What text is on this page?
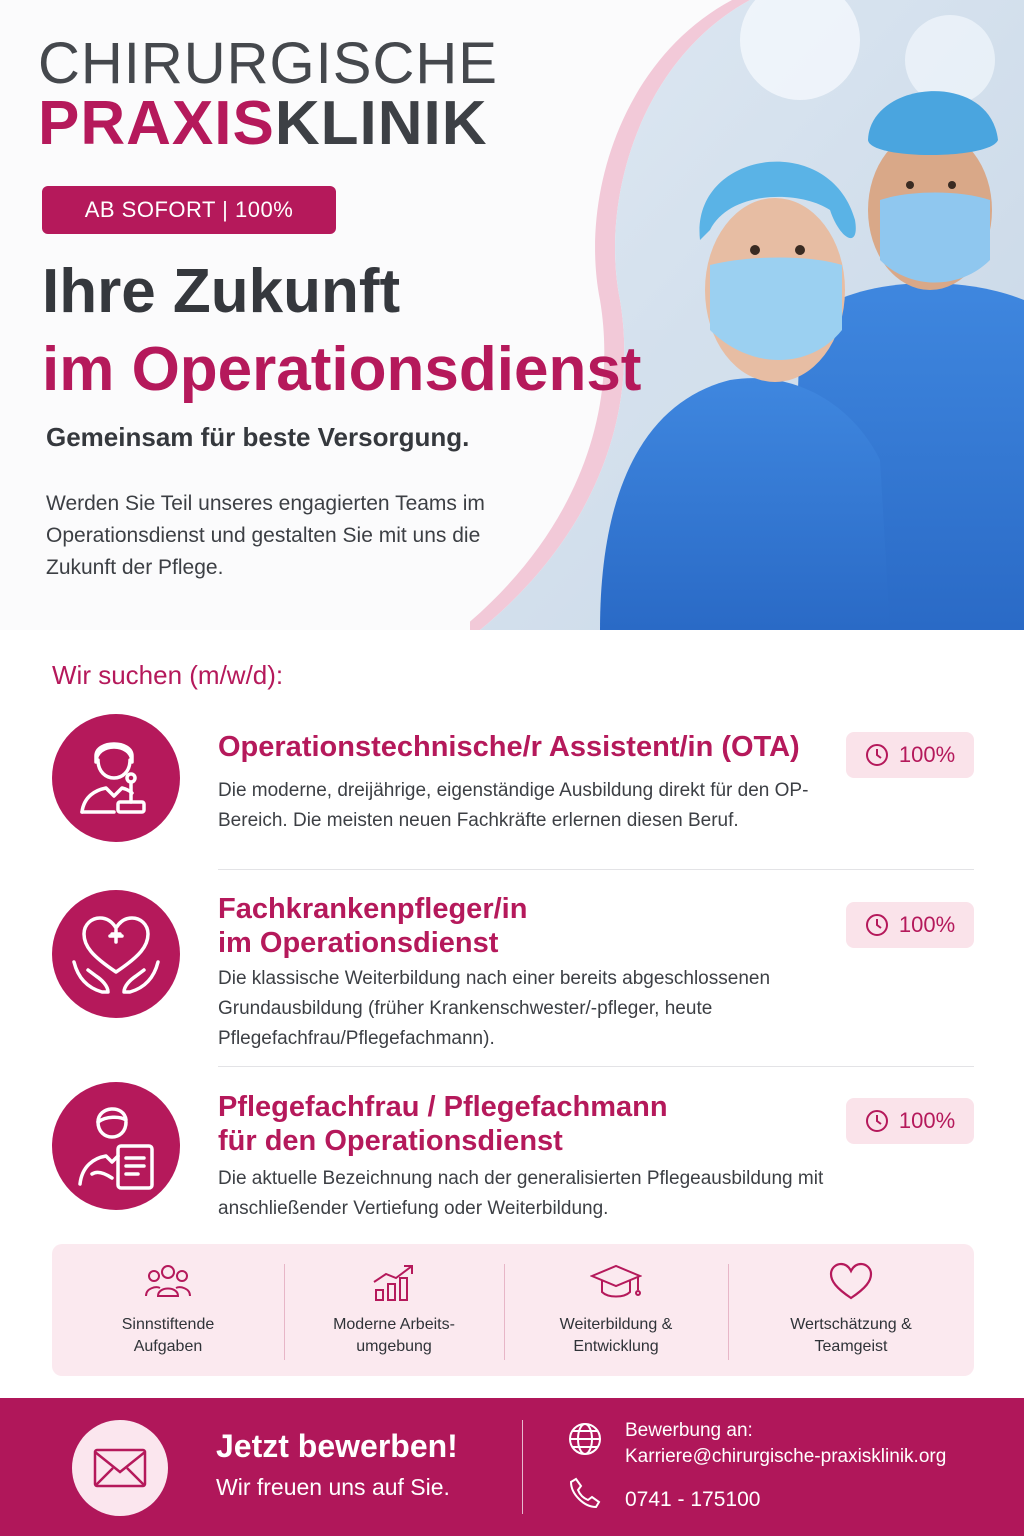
CHIRURGISCHE
PRAXISKLINIK
AB SOFORT | 100%
Ihre Zukunft
im Operationsdienst
Gemeinsam für beste Versorgung.
Werden Sie Teil unseres engagierten Teams im Operationsdienst und gestalten Sie mit uns die Zukunft der Pflege.
Wir suchen (m/w/d):
Operationstechnische/r Assistent/in (OTA)
Die moderne, dreijährige, eigenständige Ausbildung direkt für den OP-Bereich. Die meisten neuen Fachkräfte erlernen diesen Beruf.
100%
Fachkrankenpfleger/in
im Operationsdienst
Die klassische Weiterbildung nach einer bereits abgeschlossenen Grundausbildung (früher Krankenschwester/-pfleger, heute Pflegefachfrau/Pflegefachmann).
100%
Pflegefachfrau / Pflegefachmann
für den Operationsdienst
Die aktuelle Bezeichnung nach der generalisierten Pflegeausbildung mit anschließender Vertiefung oder Weiterbildung.
100%
Sinnstiftende
Aufgaben
Moderne Arbeits-
umgebung
Weiterbildung &
Entwicklung
Wertschätzung &
Teamgeist
Jetzt bewerben!
Wir freuen uns auf Sie.
Bewerbung an:
Karriere@chirurgische-praxisklinik.org
0741 - 175100
